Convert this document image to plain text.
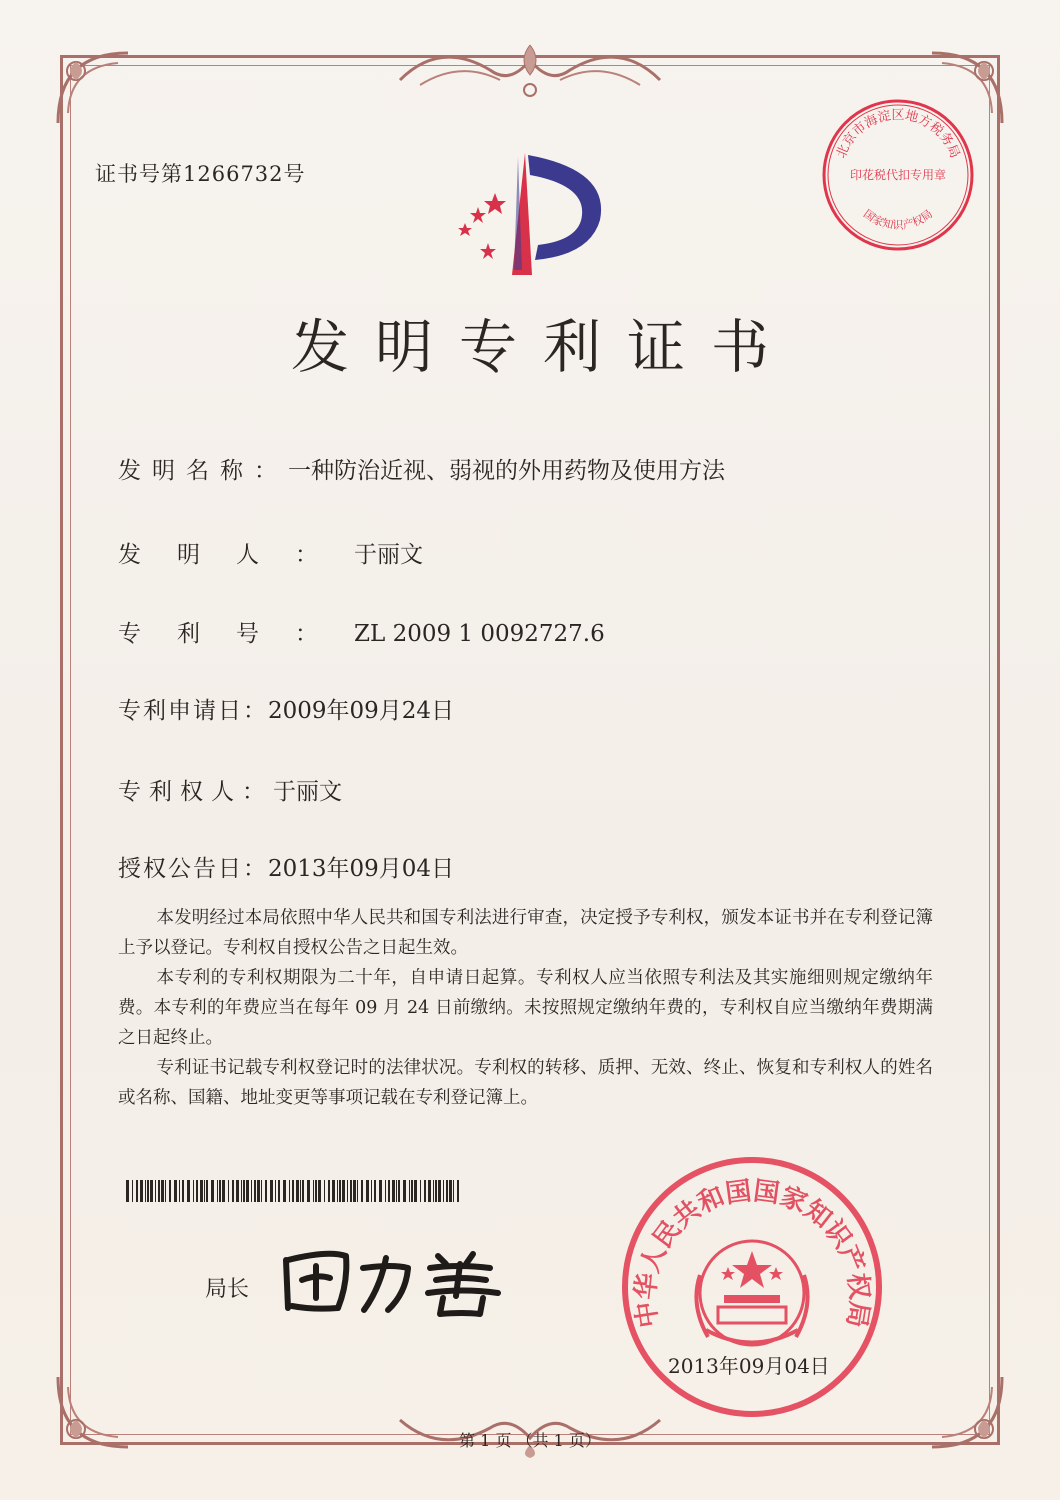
证书号第1266732号
北京市海淀区地方税务局
国家知识产权局
印花税代扣专用章
发明专利证书
发明名称：一种防治近视、弱视的外用药物及使用方法
发明人：于丽文
专利号：ZL 2009 1 0092727.6
专利申请日：2009年09月24日
专利权人：于丽文
授权公告日：2013年09月04日

本发明经过本局依照中华人民共和国专利法进行审查，决定授予专利权，颁发本证书并在专利登记簿上予以登记。专利权自授权公告之日起生效。

本专利的专利权期限为二十年，自申请日起算。专利权人应当依照专利法及其实施细则规定缴纳年费。本专利的年费应当在每年 09 月 24 日前缴纳。未按照规定缴纳年费的，专利权自应当缴纳年费期满之日起终止。

专利证书记载专利权登记时的法律状况。专利权的转移、质押、无效、终止、恢复和专利权人的姓名或名称、国籍、地址变更等事项记载在专利登记簿上。

局长
中华人民共和国国家知识产权局
2013年09月04日
第 1 页 （共 1 页）
